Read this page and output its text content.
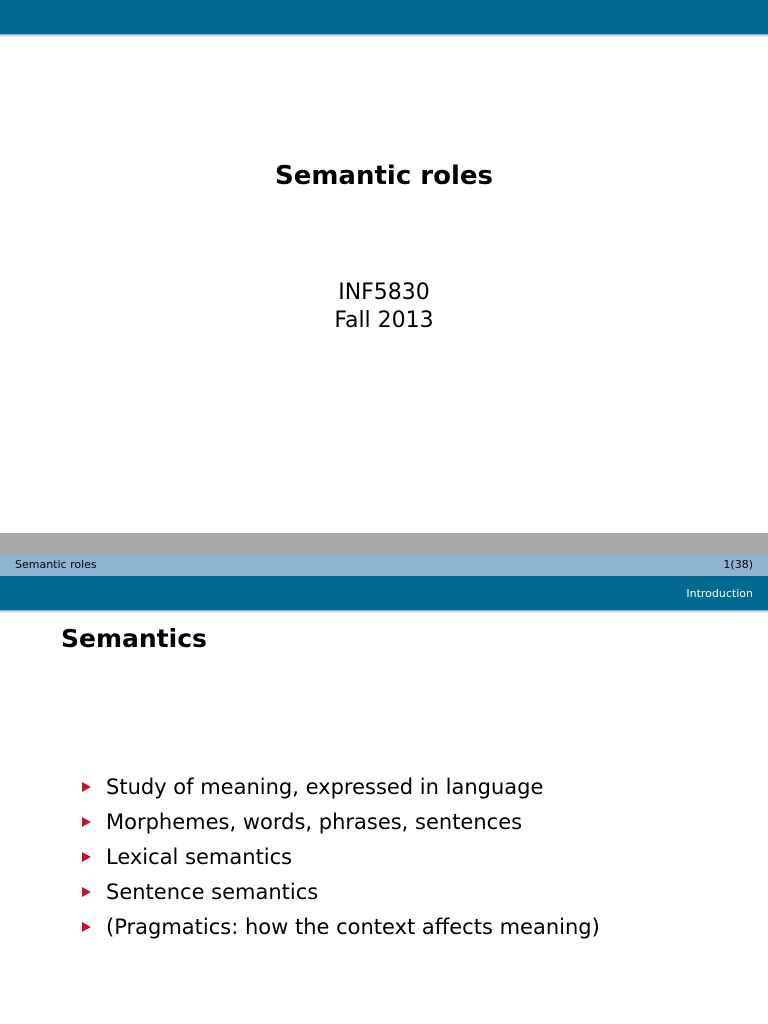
Semantic roles
INF5830
Fall 2013
Semantic roles	1(38)
Introduction
Semantics
Study of meaning, expressed in language
Morphemes, words, phrases, sentences
Lexical semantics
Sentence semantics
(Pragmatics: how the context affects meaning)
